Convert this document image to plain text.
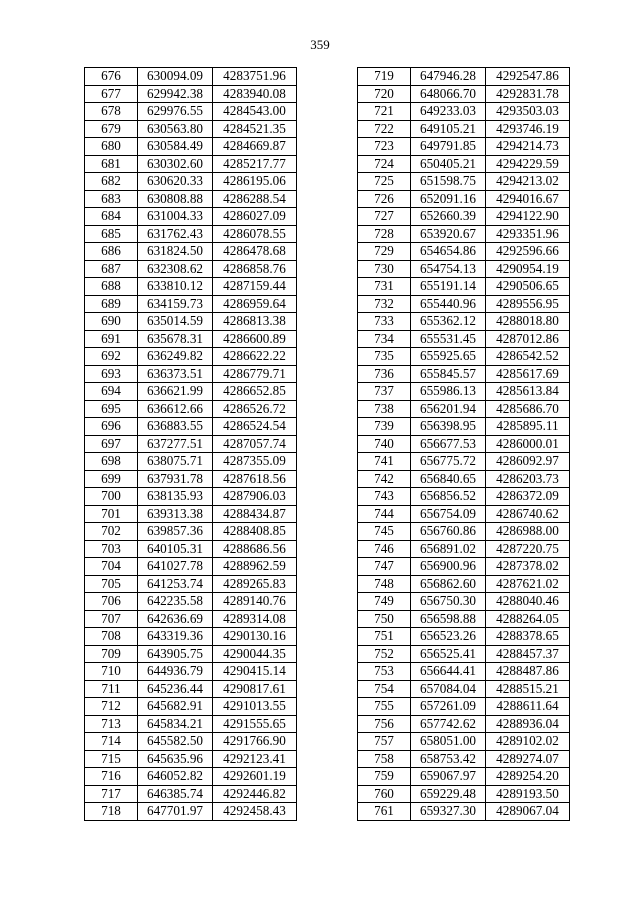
359
676	630094.09	4283751.96
677	629942.38	4283940.08
678	629976.55	4284543.00
679	630563.80	4284521.35
680	630584.49	4284669.87
681	630302.60	4285217.77
682	630620.33	4286195.06
683	630808.88	4286288.54
684	631004.33	4286027.09
685	631762.43	4286078.55
686	631824.50	4286478.68
687	632308.62	4286858.76
688	633810.12	4287159.44
689	634159.73	4286959.64
690	635014.59	4286813.38
691	635678.31	4286600.89
692	636249.82	4286622.22
693	636373.51	4286779.71
694	636621.99	4286652.85
695	636612.66	4286526.72
696	636883.55	4286524.54
697	637277.51	4287057.74
698	638075.71	4287355.09
699	637931.78	4287618.56
700	638135.93	4287906.03
701	639313.38	4288434.87
702	639857.36	4288408.85
703	640105.31	4288686.56
704	641027.78	4288962.59
705	641253.74	4289265.83
706	642235.58	4289140.76
707	642636.69	4289314.08
708	643319.36	4290130.16
709	643905.75	4290044.35
710	644936.79	4290415.14
711	645236.44	4290817.61
712	645682.91	4291013.55
713	645834.21	4291555.65
714	645582.50	4291766.90
715	645635.96	4292123.41
716	646052.82	4292601.19
717	646385.74	4292446.82
718	647701.97	4292458.43
719	647946.28	4292547.86
720	648066.70	4292831.78
721	649233.03	4293503.03
722	649105.21	4293746.19
723	649791.85	4294214.73
724	650405.21	4294229.59
725	651598.75	4294213.02
726	652091.16	4294016.67
727	652660.39	4294122.90
728	653920.67	4293351.96
729	654654.86	4292596.66
730	654754.13	4290954.19
731	655191.14	4290506.65
732	655440.96	4289556.95
733	655362.12	4288018.80
734	655531.45	4287012.86
735	655925.65	4286542.52
736	655845.57	4285617.69
737	655986.13	4285613.84
738	656201.94	4285686.70
739	656398.95	4285895.11
740	656677.53	4286000.01
741	656775.72	4286092.97
742	656840.65	4286203.73
743	656856.52	4286372.09
744	656754.09	4286740.62
745	656760.86	4286988.00
746	656891.02	4287220.75
747	656900.96	4287378.02
748	656862.60	4287621.02
749	656750.30	4288040.46
750	656598.88	4288264.05
751	656523.26	4288378.65
752	656525.41	4288457.37
753	656644.41	4288487.86
754	657084.04	4288515.21
755	657261.09	4288611.64
756	657742.62	4288936.04
757	658051.00	4289102.02
758	658753.42	4289274.07
759	659067.97	4289254.20
760	659229.48	4289193.50
761	659327.30	4289067.04
